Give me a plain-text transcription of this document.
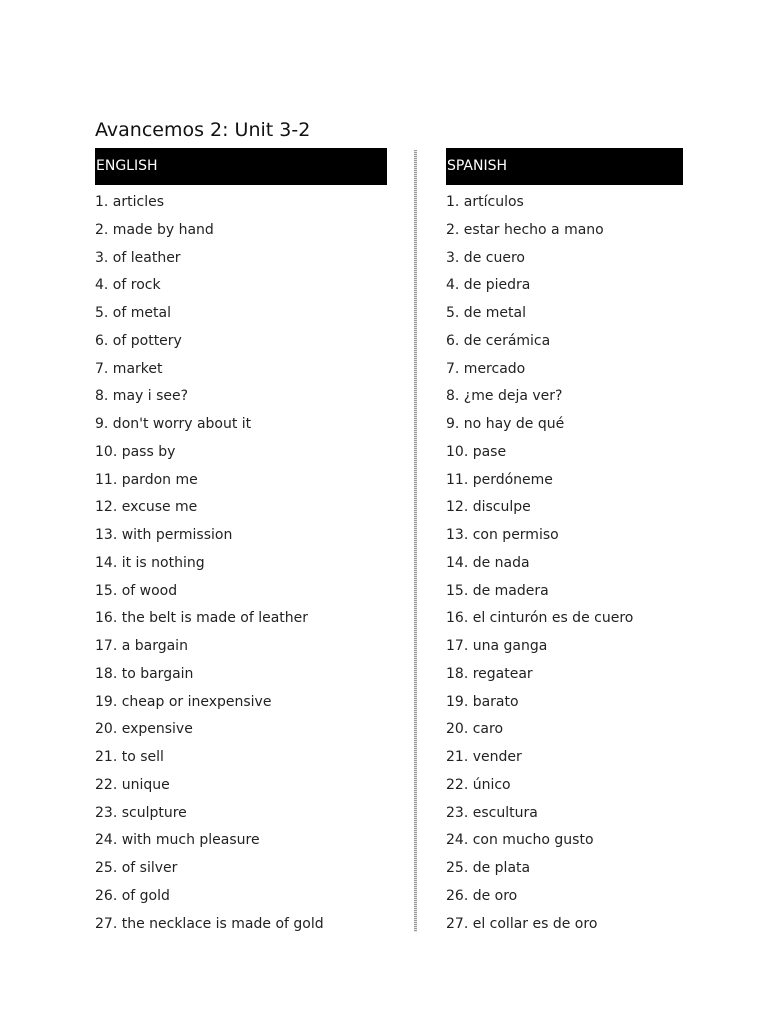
Avancemos 2: Unit 3-2
ENGLISH
1. articles
2. made by hand
3. of leather
4. of rock
5. of metal
6. of pottery
7. market
8. may i see?
9. don't worry about it
10. pass by
11. pardon me
12. excuse me
13. with permission
14. it is nothing
15. of wood
16. the belt is made of leather
17. a bargain
18. to bargain
19. cheap or inexpensive
20. expensive
21. to sell
22. unique
23. sculpture
24. with much pleasure
25. of silver
26. of gold
27. the necklace is made of gold
SPANISH
1. artículos
2. estar hecho a mano
3. de cuero
4. de piedra
5. de metal
6. de cerámica
7. mercado
8. ¿me deja ver?
9. no hay de qué
10. pase
11. perdóneme
12. disculpe
13. con permiso
14. de nada
15. de madera
16. el cinturón es de cuero
17. una ganga
18. regatear
19. barato
20. caro
21. vender
22. único
23. escultura
24. con mucho gusto
25. de plata
26. de oro
27. el collar es de oro
